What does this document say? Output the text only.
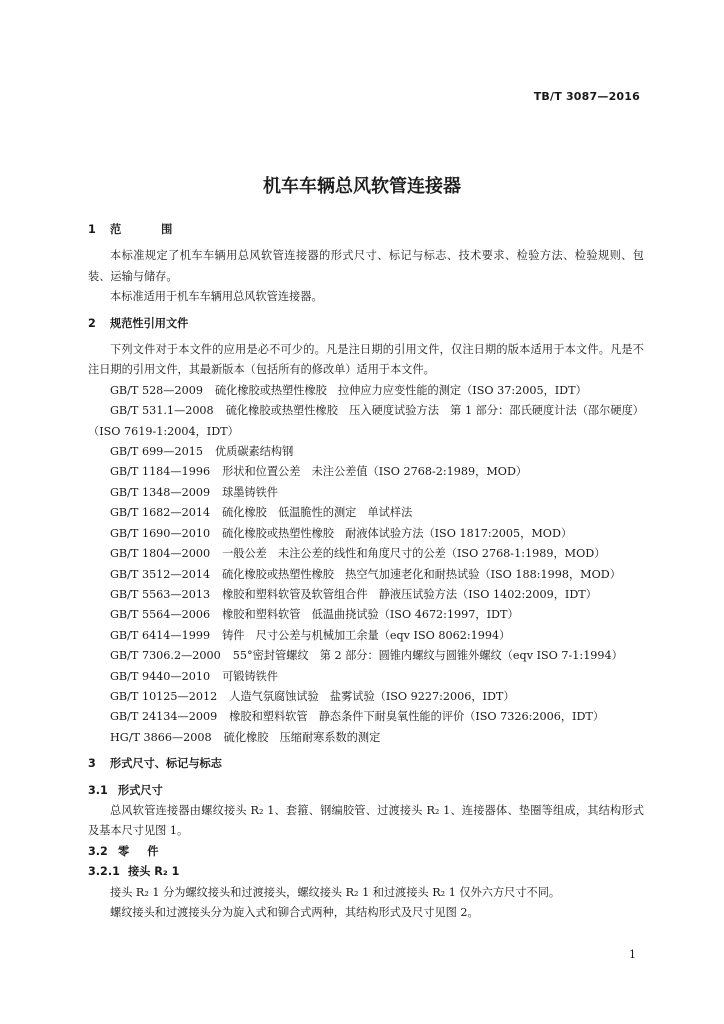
TB/T 3087—2016
机车车辆总风软管连接器
1 范 围
本标准规定了机车车辆用总风软管连接器的形式尺寸、标记与标志、技术要求、检验方法、检验规则、包装、运输与储存。
本标准适用于机车车辆用总风软管连接器。
2 规范性引用文件
下列文件对于本文件的应用是必不可少的。凡是注日期的引用文件，仅注日期的版本适用于本文件。凡是不注日期的引用文件，其最新版本（包括所有的修改单）适用于本文件。
GB/T 528—2009 硫化橡胶或热塑性橡胶　拉伸应力应变性能的测定（ISO 37:2005，IDT）
GB/T 531.1—2008 硫化橡胶或热塑性橡胶　压入硬度试验方法　第 1 部分：邵氏硬度计法（邵尔硬度）（ISO 7619-1:2004，IDT）
GB/T 699—2015 优质碳素结构钢
GB/T 1184—1996 形状和位置公差　未注公差值（ISO 2768-2:1989，MOD）
GB/T 1348—2009 球墨铸铁件
GB/T 1682—2014 硫化橡胶　低温脆性的测定　单试样法
GB/T 1690—2010 硫化橡胶或热塑性橡胶　耐液体试验方法（ISO 1817:2005，MOD）
GB/T 1804—2000 一般公差　未注公差的线性和角度尺寸的公差（ISO 2768-1:1989，MOD）
GB/T 3512—2014 硫化橡胶或热塑性橡胶　热空气加速老化和耐热试验（ISO 188:1998，MOD）
GB/T 5563—2013 橡胶和塑料软管及软管组合件　静液压试验方法（ISO 1402:2009，IDT）
GB/T 5564—2006 橡胶和塑料软管　低温曲挠试验（ISO 4672:1997，IDT）
GB/T 6414—1999 铸件　尺寸公差与机械加工余量（eqv ISO 8062:1994）
GB/T 7306.2—2000 55°密封管螺纹　第 2 部分：圆锥内螺纹与圆锥外螺纹（eqv ISO 7-1:1994）
GB/T 9440—2010 可锻铸铁件
GB/T 10125—2012 人造气氛腐蚀试验　盐雾试验（ISO 9227:2006，IDT）
GB/T 24134—2009 橡胶和塑料软管　静态条件下耐臭氧性能的评价（ISO 7326:2006，IDT）
HG/T 3866—2008 硫化橡胶　压缩耐寒系数的测定
3 形式尺寸、标记与标志
3.1 形式尺寸
总风软管连接器由螺纹接头 R₂ 1、套箍、钢编胶管、过渡接头 R₂ 1、连接器体、垫圈等组成，其结构形式及基本尺寸见图 1。
3.2 零件
3.2.1 接头 R₂ 1
接头 R₂ 1 分为螺纹接头和过渡接头，螺纹接头 R₂ 1 和过渡接头 R₂ 1 仅外六方尺寸不同。
螺纹接头和过渡接头分为旋入式和铆合式两种，其结构形式及尺寸见图 2。
1
